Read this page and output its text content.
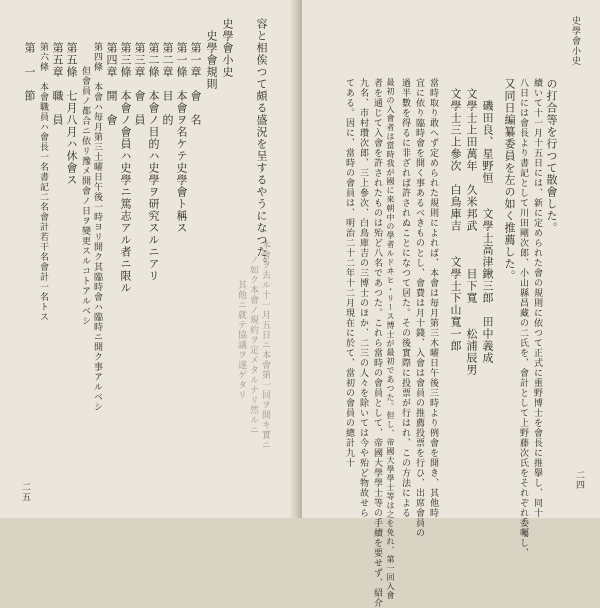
本會ヲ去ル十一月五日ニ本會第一回ヲ開キ實ニ
ノ如ク本會ノ規約ヲ定メタルナリ然ルニ
其他ニ就テ協議ヲ遂ゲタリ
容と相俟つて頗る盛況を呈するやうになつた。
史學會小史
史學會規則
第一章　會　名
第一條　本會ヲ名ケテ史學會ト稱ス
第二章　目　的
第二條　本會ノ目的ハ史學ヲ研究スルニアリ
第三章　會　員
第三條　本會ノ會員ハ史學ニ篤志アル者ニ限ル
第四章　開　會
第四條　本會ハ毎月第三土曜日午後一時ヨリ開ク其臨時會ハ臨時ニ開ク事アルベシ
但會員ノ都合ニ依リ豫メ開會ノ日ヲ變更スルコトアルベシ
第五條　七月八月ハ休會ス
第五章　職　員
第六條　本會職員ハ會長一名書記二名會計若干名會計一名トス
第　一　節
二五
史學會小史
二四
の打合等を行つて散會した。
續いて十一月十五日には、新に定められた會の規則に依つて正式に重野博士を會長に推擧し、同十
八日には會長より書記として川田剛次郎、小山縣昌藏の二氏を、會計として上野藤次氏をそれぞれ委囑し、
又同日編纂委員を左の如く推薦した。
磯田良、星野恒　　文學士高津鍬三郎　田中義成
文學士上田萬年　久米邦武　　　目下寬　　松浦辰男
文學士三上參次　白鳥庫吉　　文學士下山寬一郎
當時取り敢へず定められた規則によれば、本會は毎月第三木曜日午後三時より例會を開き、其他時
宜に依り臨時會を開く事あるべきものとし、會費は月十錢、入會は會員の推薦投票を行ひ、出席會員の
過半數を得るに非ざれば許されぬことになつて居た。その後實際に投票が行はれ、この方法による
最初の入會者は當時我が國に來朝中の學者ルドヰヒ・リース博士が最初であつた。但し、帝國大學學士等は之を免れ、第一回入會
者を通じて入會を許されたものは殆ど八名であつた。これら當時の會員として、帝國大學學士等の手續を要せず、紹介
九名、市村瓚次郎、三上參次、白鳥庫吉の三博士のほか、二三の人々を除いては今や殆ど物故せら
てある。因に、當時の會員は、明治二十二年十二月現在に於て、當初の會員の總計九十
